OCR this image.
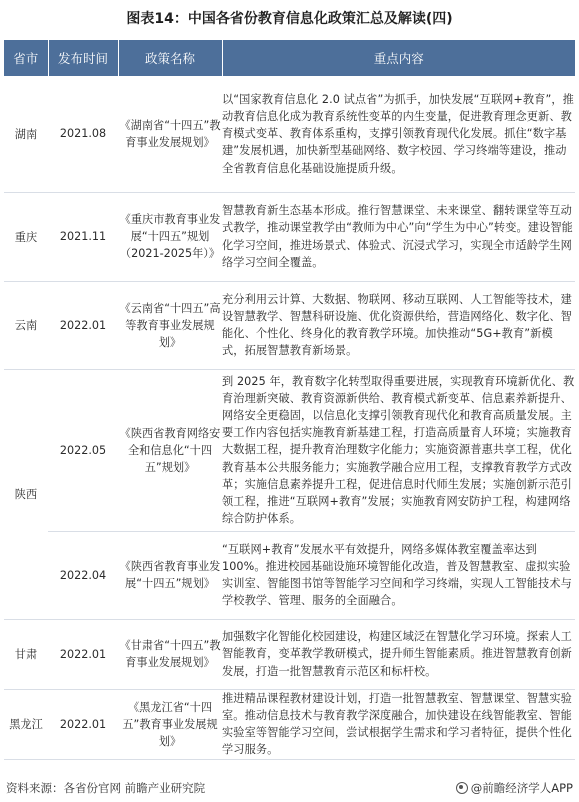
图表14：中国各省份教育信息化政策汇总及解读(四)
省市	发布时间	政策名称	重点内容
湖南	2021.08	《湖南省“十四五”教育事业发展规划》	以“国家教育信息化 2.0 试点省”为抓手，加快发展“互联网+教育”，推动教育信息化成为教育系统性变革的内生变量，促进教育理念更新、教育模式变革、教育体系重构，支撑引领教育现代化发展。抓住“数字基建”发展机遇，加快新型基础网络、数字校园、学习终端等建设，推动全省教育信息化基础设施提质升级。
重庆	2021.11	《重庆市教育事业发展“十四五”规划（2021-2025年）》	智慧教育新生态基本形成。推行智慧课堂、未来课堂、翻转课堂等互动式教学，推动课堂教学由“教师为中心”向“学生为中心”转变。建设智能化学习空间，推进场景式、体验式、沉浸式学习，实现全市适龄学生网络学习空间全覆盖。
云南	2022.01	《云南省“十四五”高等教育事业发展规划》	充分利用云计算、大数据、物联网、移动互联网、人工智能等技术，建设智慧教学、智慧科研设施、优化资源供给，营造网络化、数字化、智能化、个性化、终身化的教育教学环境。加快推动“5G+教育”新模式，拓展智慧教育新场景。
陕西	2022.05	《陕西省教育网络安全和信息化“十四五”规划》	到 2025 年，教育数字化转型取得重要进展，实现教育环境新优化、教育治理新突破、教育资源新供给、教育模式新变革、信息素养新提升、网络安全更稳固，以信息化支撑引领教育现代化和教育高质量发展。主要工作内容包括实施教育新基建工程，打造高质量育人环境；实施教育大数据工程，提升教育治理数字化能力；实施资源普惠共享工程，优化教育基本公共服务能力；实施教学融合应用工程，支撑教育教学方式改革；实施信息素养提升工程，促进信息时代师生发展；实施创新示范引领工程，推进“互联网+教育”发展；实施教育网安防护工程，构建网络综合防护体系。
	2022.04	《陕西省教育事业发展“十四五”规划》	“互联网+教育”发展水平有效提升，网络多媒体教室覆盖率达到 100%。推进校园基础设施环境智能化改造，普及智慧教室、虚拟实验实训室、智能图书馆等智能学习空间和学习终端，实现人工智能技术与学校教学、管理、服务的全面融合。
甘肃	2022.01	《甘肃省“十四五”教育事业发展规划》	加强数字化智能化校园建设，构建区域泛在智慧化学习环境。探索人工智能教育，变革教学教研模式，提升师生智能素质。推进智慧教育创新发展，打造一批智慧教育示范区和标杆校。
黑龙江	2022.01	《黑龙江省“十四五”教育事业发展规划》	推进精品课程教材建设计划，打造一批智慧教室、智慧课堂、智慧实验室。推动信息技术与教育教学深度融合，加快建设在线智能教室、智能实验室等智能学习空间，尝试根据学生需求和学习者特征，提供个性化学习服务。
资料来源：各省份官网 前瞻产业研究院	@前瞻经济学人APP
